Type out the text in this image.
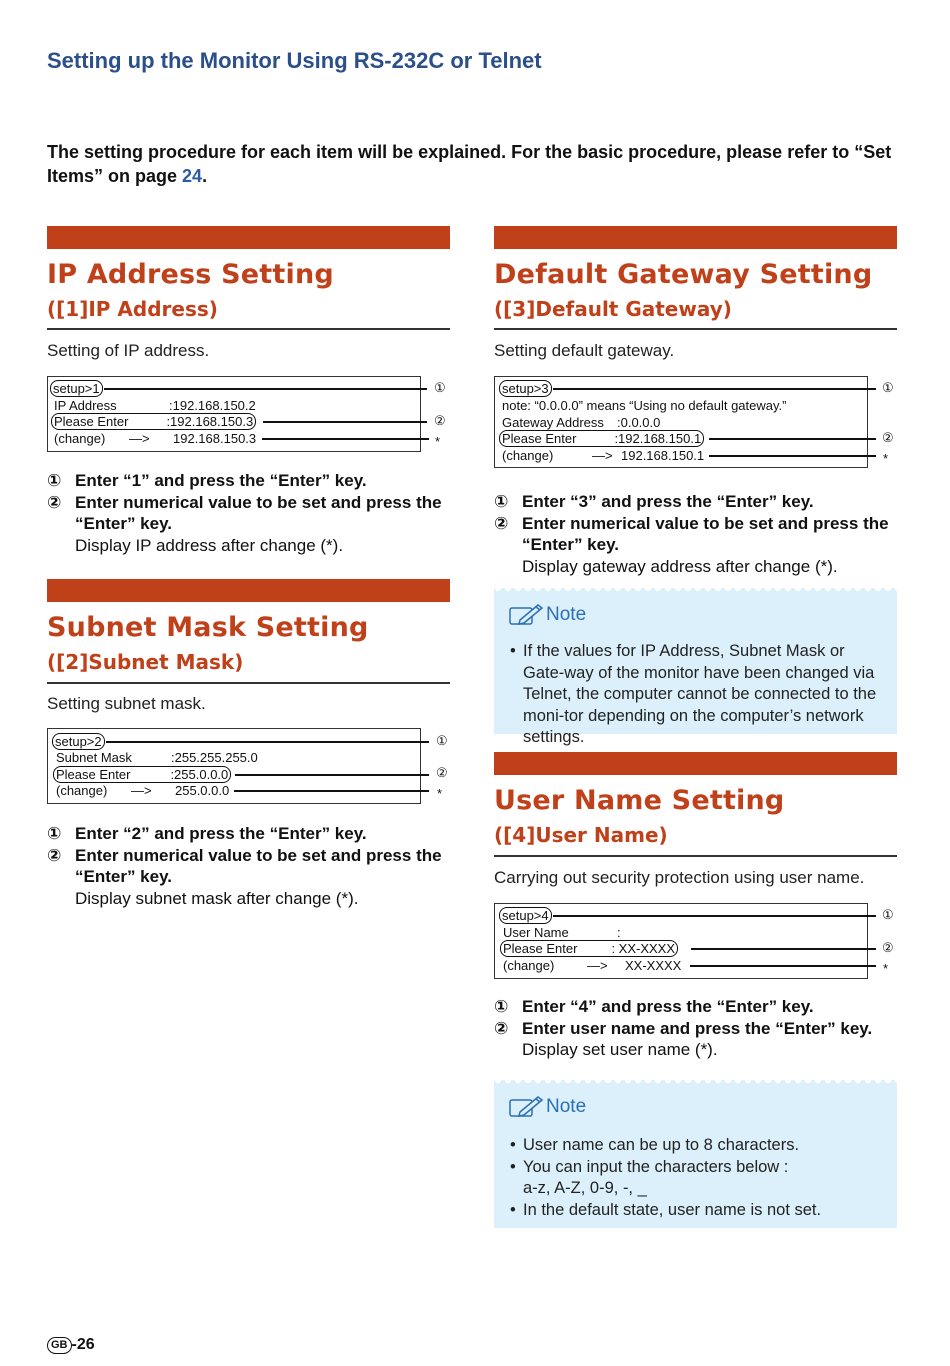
Setting up the Monitor Using RS-232C or Telnet
The setting procedure for each item will be explained. For the basic procedure, please refer to “Set Items” on page 24.
IP Address Setting
([1]IP Address)
Setting of IP address.
setup>1	①
IP Address	:192.168.150.2
Please Enter	:192.168.150.3	②
(change) —> 192.168.150.3	*
① Enter “1” and press the “Enter” key.
② Enter numerical value to be set and press the “Enter” key.
Display IP address after change (*).
Subnet Mask Setting
([2]Subnet Mask)
Setting subnet mask.
setup>2	①
Subnet Mask	:255.255.255.0
Please Enter	:255.0.0.0	②
(change) —> 255.0.0.0	*
① Enter “2” and press the “Enter” key.
② Enter numerical value to be set and press the “Enter” key.
Display subnet mask after change (*).
Default Gateway Setting
([3]Default Gateway)
Setting default gateway.
setup>3	①
note: “0.0.0.0” means “Using no default gateway.”
Gateway Address :0.0.0.0
Please Enter	:192.168.150.1	②
(change)	—> 192.168.150.1	*
① Enter “3” and press the “Enter” key.
② Enter numerical value to be set and press the “Enter” key.
Display gateway address after change (*).
Note
• If the values for IP Address, Subnet Mask or Gate-way of the monitor have been changed via Telnet, the computer cannot be connected to the moni-tor depending on the computer’s network settings.
User Name Setting
([4]User Name)
Carrying out security protection using user name.
setup>4	①
User Name	:
Please Enter	: XX-XXXX	②
(change)	—> XX-XXXX	*
① Enter “4” and press the “Enter” key.
② Enter user name and press the “Enter” key.
Display set user name (*).
Note
• User name can be up to 8 characters.
• You can input the characters below :
a-z, A-Z, 0-9, -, _
• In the default state, user name is not set.
GB -26
